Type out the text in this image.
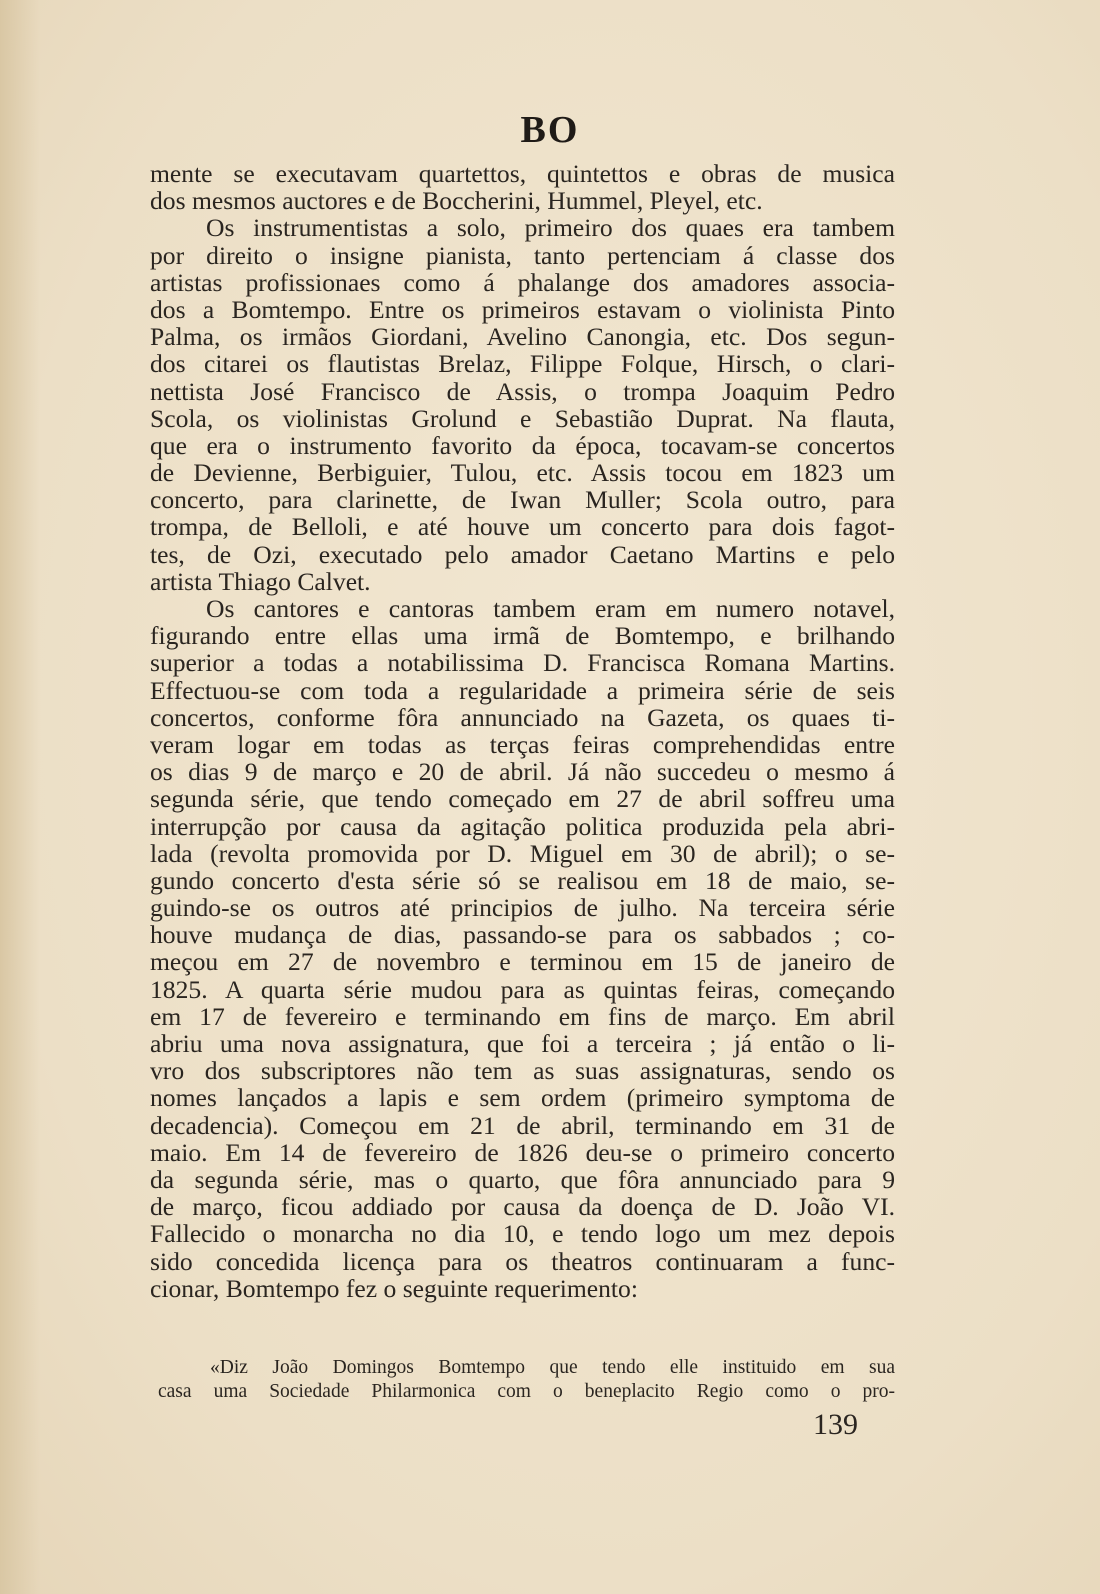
BO
mente se executavam quartettos, quintettos e obras de musica
dos mesmos auctores e de Boccherini, Hummel, Pleyel, etc.
Os instrumentistas a solo, primeiro dos quaes era tambem
por direito o insigne pianista, tanto pertenciam á classe dos
artistas profissionaes como á phalange dos amadores associa-
dos a Bomtempo. Entre os primeiros estavam o violinista Pinto
Palma, os irmãos Giordani, Avelino Canongia, etc. Dos segun-
dos citarei os flautistas Brelaz, Filippe Folque, Hirsch, o clari-
nettista José Francisco de Assis, o trompa Joaquim Pedro
Scola, os violinistas Grolund e Sebastião Duprat. Na flauta,
que era o instrumento favorito da época, tocavam-se concertos
de Devienne, Berbiguier, Tulou, etc. Assis tocou em 1823 um
concerto, para clarinette, de Iwan Muller; Scola outro, para
trompa, de Belloli, e até houve um concerto para dois fagot-
tes, de Ozi, executado pelo amador Caetano Martins e pelo
artista Thiago Calvet.
Os cantores e cantoras tambem eram em numero notavel,
figurando entre ellas uma irmã de Bomtempo, e brilhando
superior a todas a notabilissima D. Francisca Romana Martins.
Effectuou-se com toda a regularidade a primeira série de seis
concertos, conforme fôra annunciado na Gazeta, os quaes ti-
veram logar em todas as terças feiras comprehendidas entre
os dias 9 de março e 20 de abril. Já não succedeu o mesmo á
segunda série, que tendo começado em 27 de abril soffreu uma
interrupção por causa da agitação politica produzida pela abri-
lada (revolta promovida por D. Miguel em 30 de abril); o se-
gundo concerto d'esta série só se realisou em 18 de maio, se-
guindo-se os outros até principios de julho. Na terceira série
houve mudança de dias, passando-se para os sabbados ; co-
meçou em 27 de novembro e terminou em 15 de janeiro de
1825. A quarta série mudou para as quintas feiras, começando
em 17 de fevereiro e terminando em fins de março. Em abril
abriu uma nova assignatura, que foi a terceira ; já então o li-
vro dos subscriptores não tem as suas assignaturas, sendo os
nomes lançados a lapis e sem ordem (primeiro symptoma de
decadencia). Começou em 21 de abril, terminando em 31 de
maio. Em 14 de fevereiro de 1826 deu-se o primeiro concerto
da segunda série, mas o quarto, que fôra annunciado para 9
de março, ficou addiado por causa da doença de D. João VI.
Fallecido o monarcha no dia 10, e tendo logo um mez depois
sido concedida licença para os theatros continuaram a func-
cionar, Bomtempo fez o seguinte requerimento:
«Diz João Domingos Bomtempo que tendo elle instituido em sua
casa uma Sociedade Philarmonica com o beneplacito Regio como o pro-
139
